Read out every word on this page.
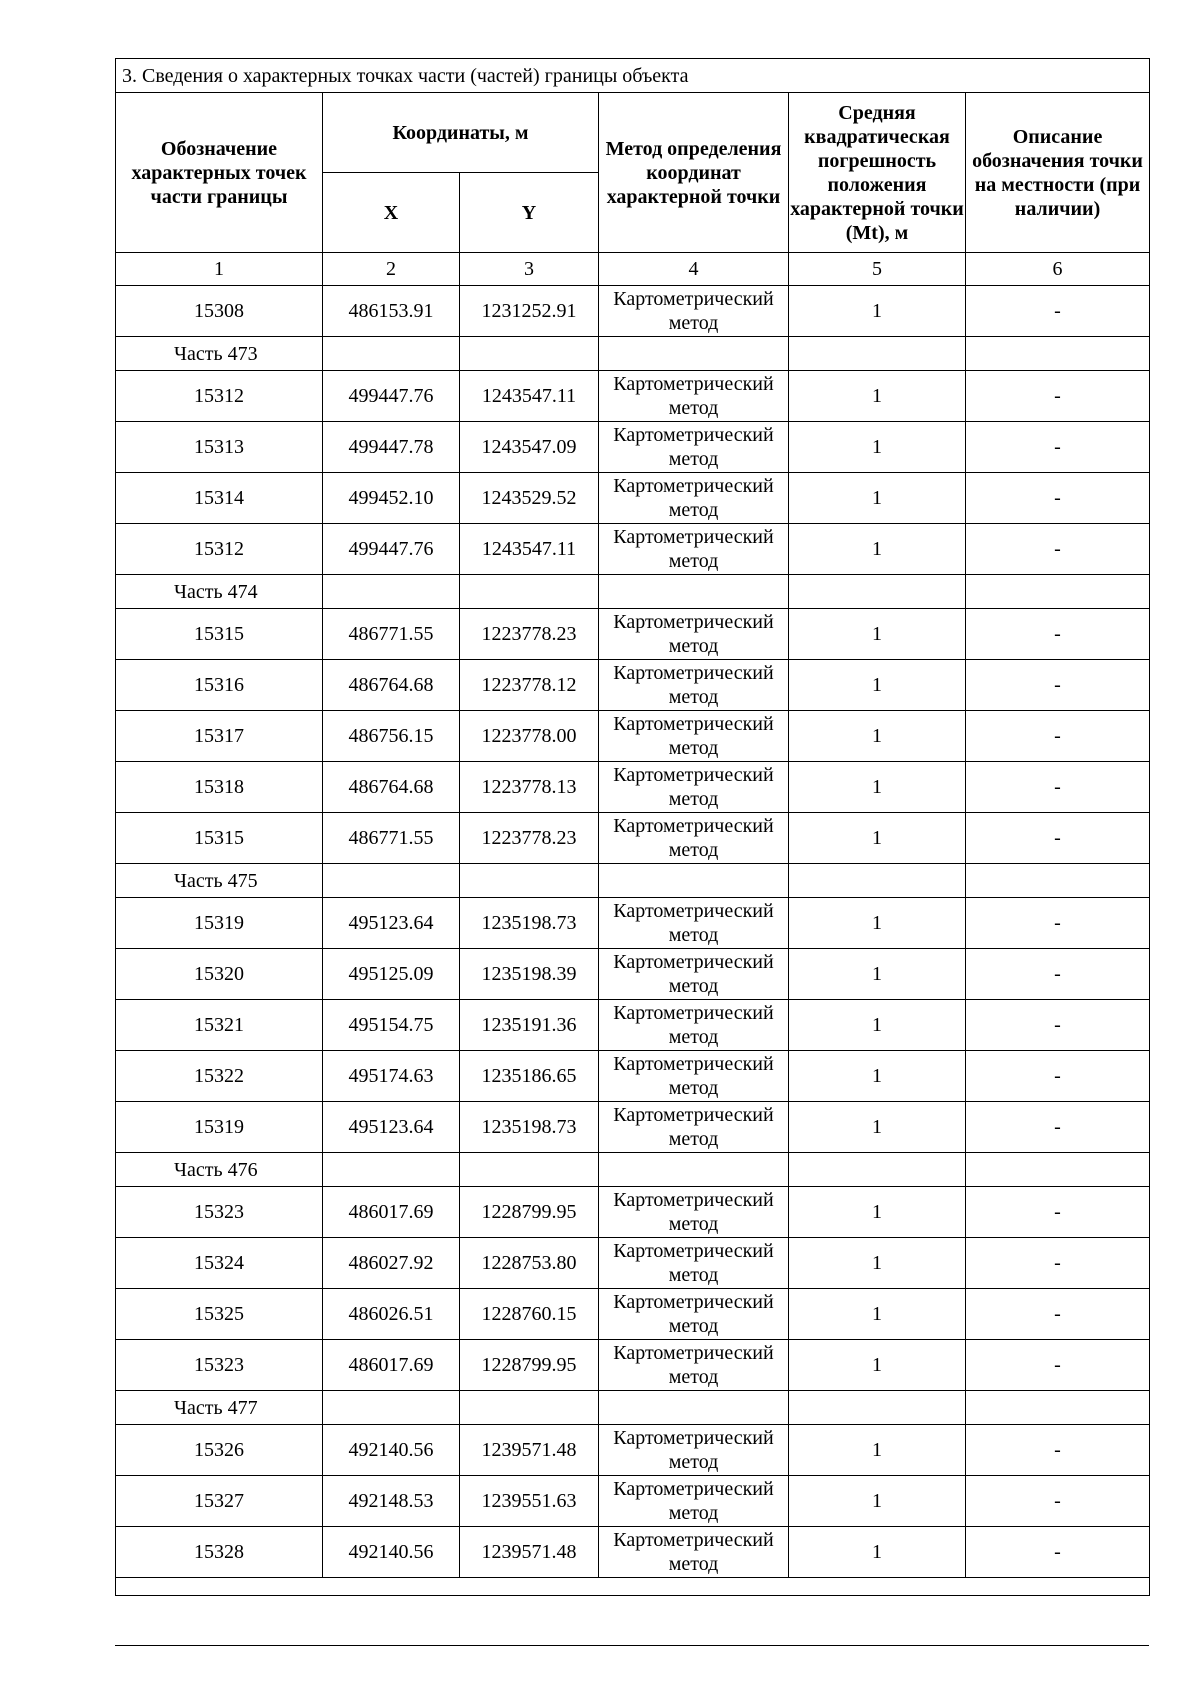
3. Сведения о характерных точках части (частей) границы объекта					
Обозначение характерных точек части границы	Координаты, м		Метод определения координат характерной точки	Средняя квадратическая погрешность положения характерной точки (Mt), м	Описание обозначения точки на местности (при наличии)
	X	Y			
1	2	3	4	5	6
15308	486153.91	1231252.91	Картометрический метод	1	-
Часть 473					
15312	499447.76	1243547.11	Картометрический метод	1	-
15313	499447.78	1243547.09	Картометрический метод	1	-
15314	499452.10	1243529.52	Картометрический метод	1	-
15312	499447.76	1243547.11	Картометрический метод	1	-
Часть 474					
15315	486771.55	1223778.23	Картометрический метод	1	-
15316	486764.68	1223778.12	Картометрический метод	1	-
15317	486756.15	1223778.00	Картометрический метод	1	-
15318	486764.68	1223778.13	Картометрический метод	1	-
15315	486771.55	1223778.23	Картометрический метод	1	-
Часть 475					
15319	495123.64	1235198.73	Картометрический метод	1	-
15320	495125.09	1235198.39	Картометрический метод	1	-
15321	495154.75	1235191.36	Картометрический метод	1	-
15322	495174.63	1235186.65	Картометрический метод	1	-
15319	495123.64	1235198.73	Картометрический метод	1	-
Часть 476					
15323	486017.69	1228799.95	Картометрический метод	1	-
15324	486027.92	1228753.80	Картометрический метод	1	-
15325	486026.51	1228760.15	Картометрический метод	1	-
15323	486017.69	1228799.95	Картометрический метод	1	-
Часть 477					
15326	492140.56	1239571.48	Картометрический метод	1	-
15327	492148.53	1239551.63	Картометрический метод	1	-
15328	492140.56	1239571.48	Картометрический метод	1	-
